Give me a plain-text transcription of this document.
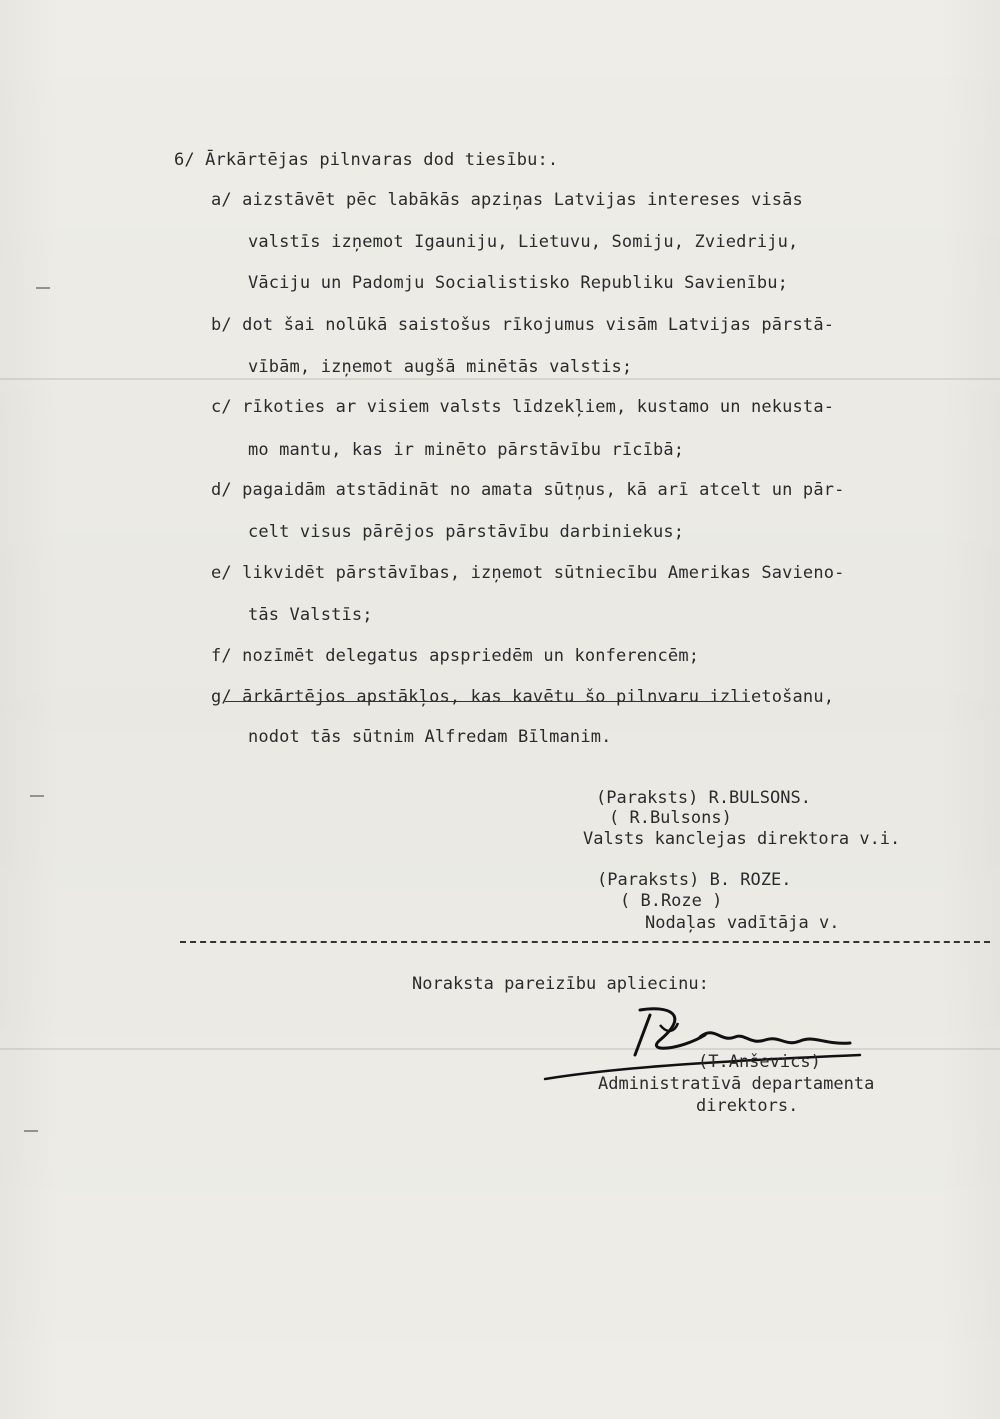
6/ Ārkārtējas pilnvaras dod tiesību:.
a/ aizstāvēt pēc labākās apziņas Latvijas intereses visās
valstīs izņemot Igauniju, Lietuvu, Somiju, Zviedriju,
Vāciju un Padomju Socialistisko Republiku Savienību;
b/ dot šai nolūkā saistošus rīkojumus visām Latvijas pārstā-
vībām, izņemot augšā minētās valstis;
c/ rīkoties ar visiem valsts līdzekļiem, kustamo un nekusta-
mo mantu, kas ir minēto pārstāvību rīcībā;
d/ pagaidām atstādināt no amata sūtņus, kā arī atcelt un pār-
celt visus pārējos pārstāvību darbiniekus;
e/ likvidēt pārstāvības, izņemot sūtniecību Amerikas Savieno-
tās Valstīs;
f/ nozīmēt delegatus apspriedēm un konferencēm;
g/ ārkārtējos apstākļos, kas kavētu šo pilnvaru izlietošanu,
nodot tās sūtnim Alfredam Bīlmanim.
(Paraksts) R.BULSONS.
( R.Bulsons)
Valsts kanclejas direktora v.i.
(Paraksts) B. ROZE.
( B.Roze )
Nodaļas vadītāja v.
Noraksta pareizību apliecinu:
(T.Anševics)
Administratīvā departamenta
direktors.
